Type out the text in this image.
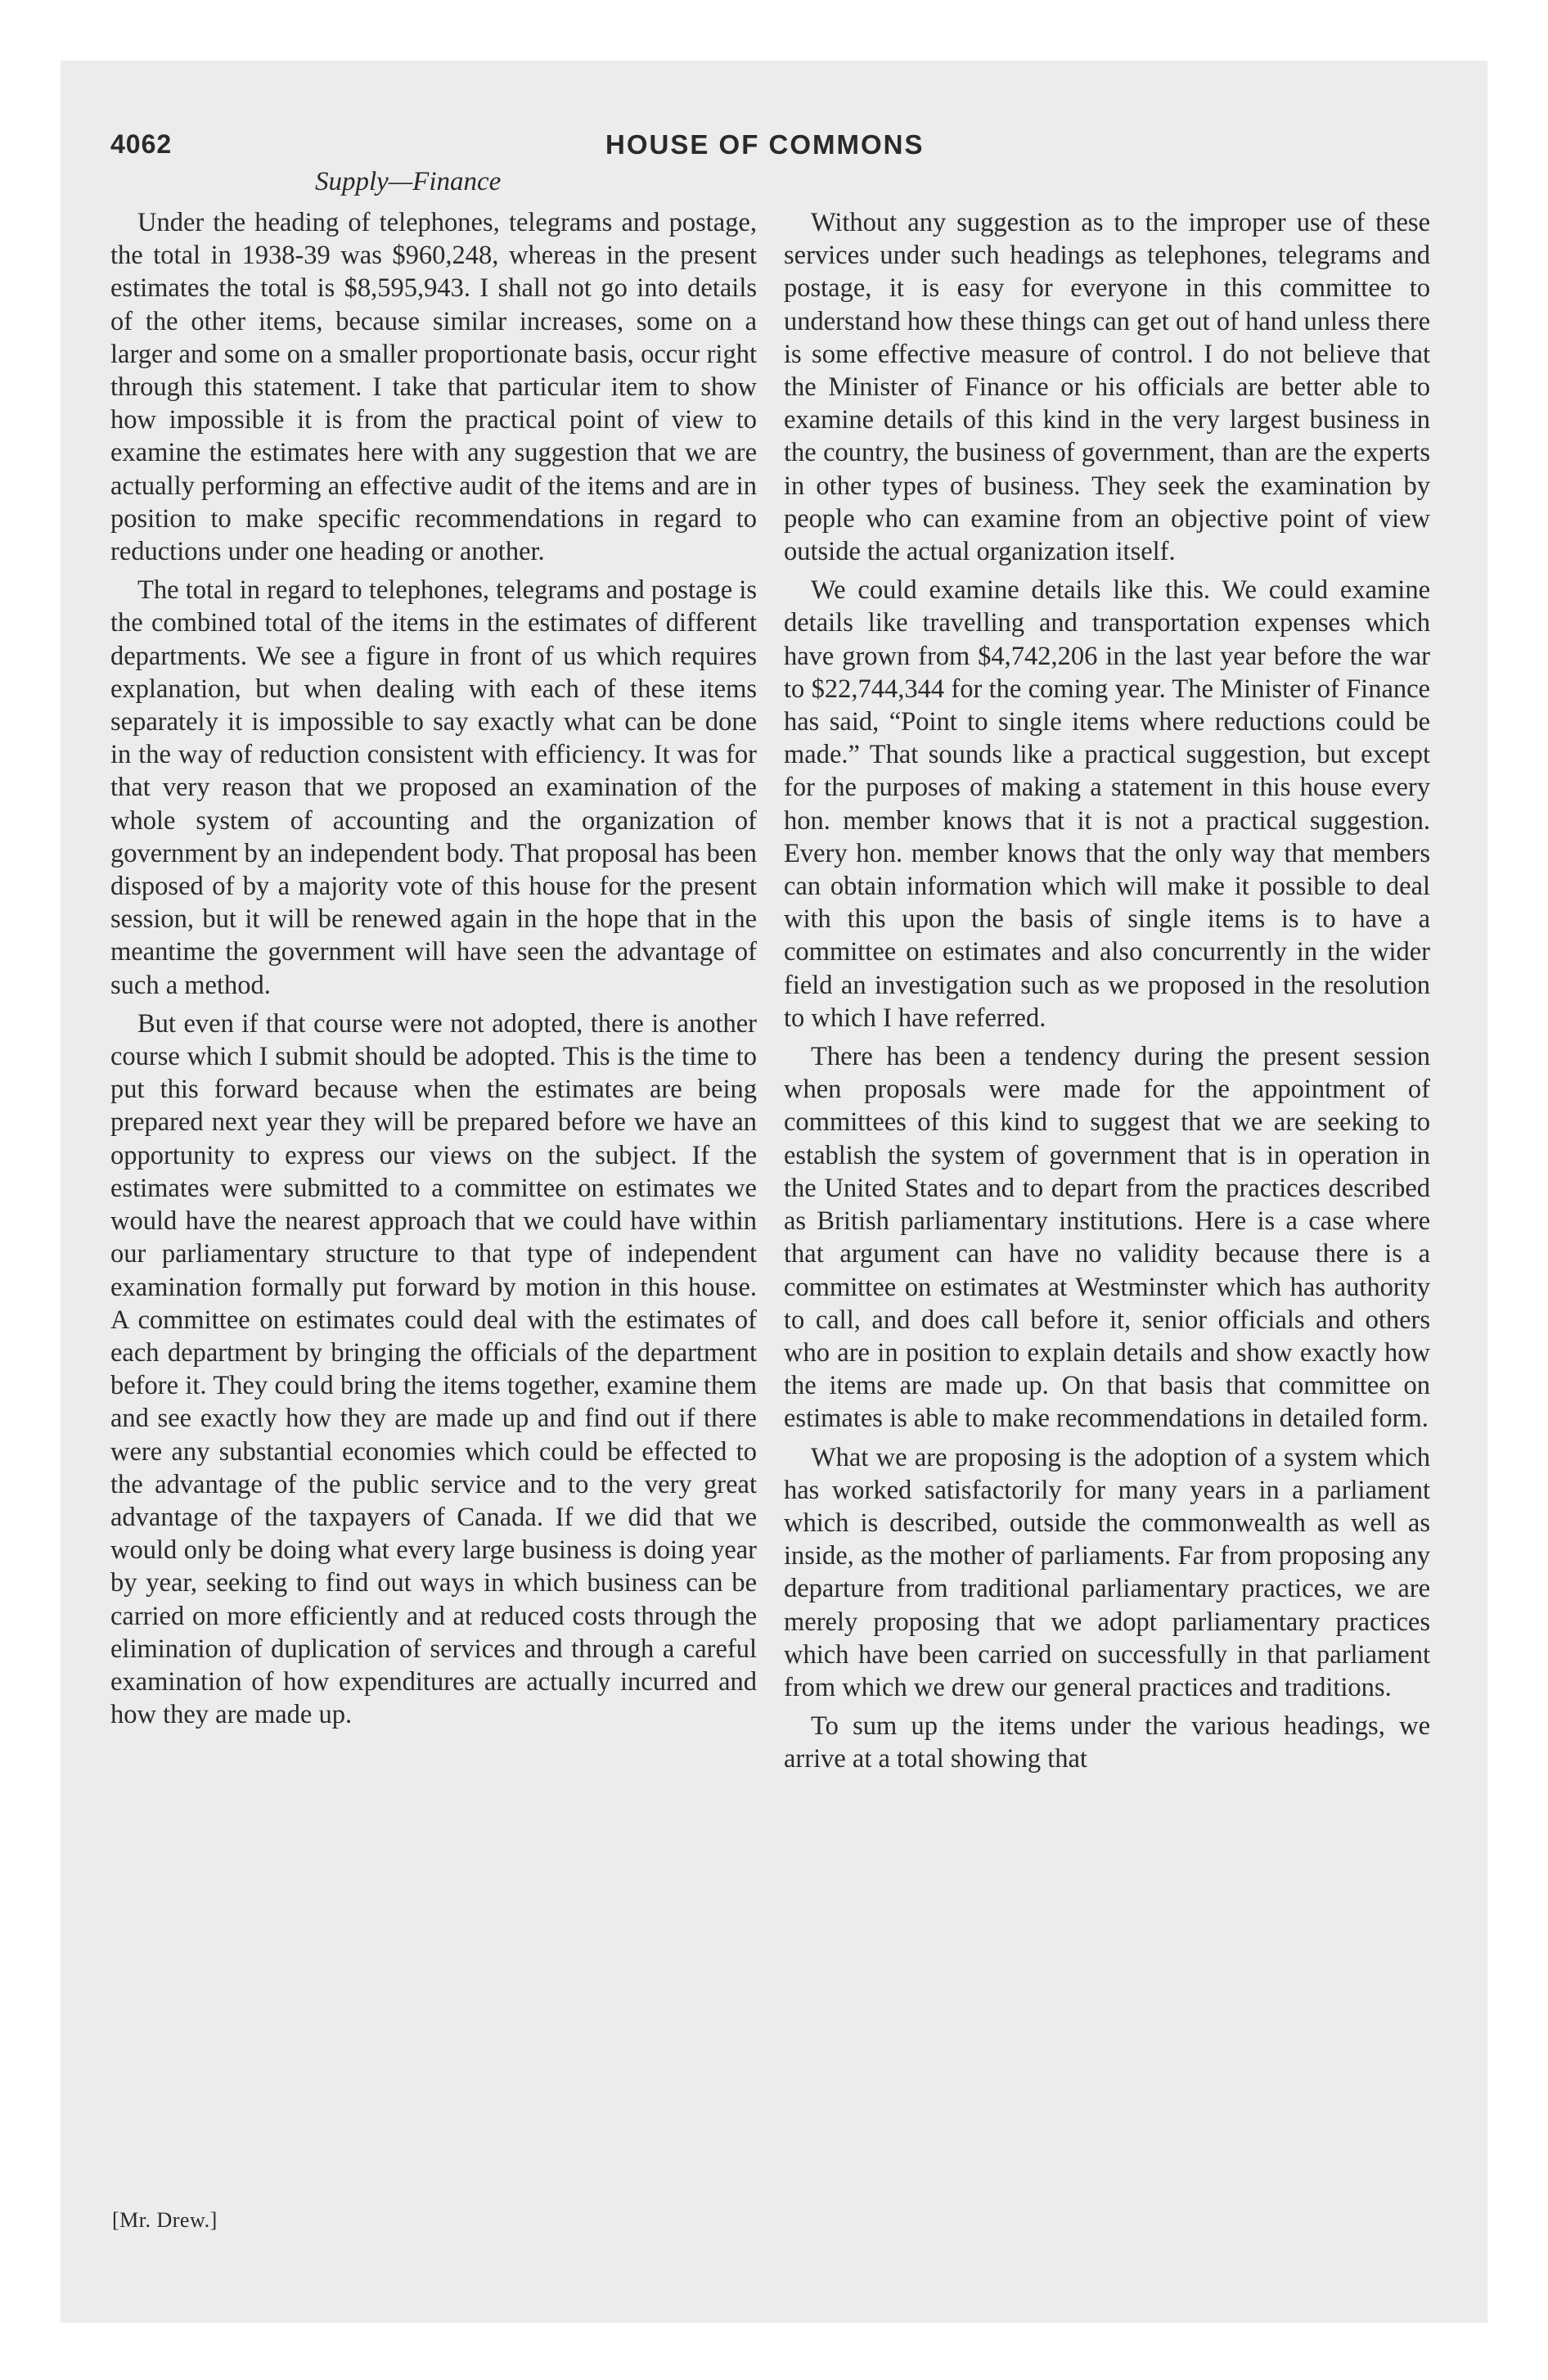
4062	HOUSE OF COMMONS
Supply—Finance

Under the heading of telephones, telegrams and postage, the total in 1938-39 was $960,248, whereas in the present estimates the total is $8,595,943. I shall not go into details of the other items, because similar increases, some on a larger and some on a smaller proportionate basis, occur right through this statement. I take that particular item to show how impossible it is from the practical point of view to examine the estimates here with any suggestion that we are actually performing an effective audit of the items and are in position to make specific recommendations in regard to reductions under one heading or another.

The total in regard to telephones, telegrams and postage is the combined total of the items in the estimates of different departments. We see a figure in front of us which requires explanation, but when dealing with each of these items separately it is impossible to say exactly what can be done in the way of reduction consistent with efficiency. It was for that very reason that we proposed an examination of the whole system of accounting and the organization of government by an independent body. That proposal has been disposed of by a majority vote of this house for the present session, but it will be renewed again in the hope that in the meantime the government will have seen the advantage of such a method.

But even if that course were not adopted, there is another course which I submit should be adopted. This is the time to put this forward because when the estimates are being prepared next year they will be prepared before we have an opportunity to express our views on the subject. If the estimates were submitted to a committee on estimates we would have the nearest approach that we could have within our parliamentary structure to that type of independent examination formally put forward by motion in this house. A committee on estimates could deal with the estimates of each department by bringing the officials of the department before it. They could bring the items together, examine them and see exactly how they are made up and find out if there were any substantial economies which could be effected to the advantage of the public service and to the very great advantage of the taxpayers of Canada. If we did that we would only be doing what every large business is doing year by year, seeking to find out ways in which business can be carried on more efficiently and at reduced costs through the elimination of duplication of services and through a careful examination of how expenditures are actually incurred and how they are made up.

Without any suggestion as to the improper use of these services under such headings as telephones, telegrams and postage, it is easy for everyone in this committee to understand how these things can get out of hand unless there is some effective measure of control. I do not believe that the Minister of Finance or his officials are better able to examine details of this kind in the very largest business in the country, the business of government, than are the experts in other types of business. They seek the examination by people who can examine from an objective point of view outside the actual organization itself.

We could examine details like this. We could examine details like travelling and transportation expenses which have grown from $4,742,206 in the last year before the war to $22,744,344 for the coming year. The Minister of Finance has said, “Point to single items where reductions could be made.” That sounds like a practical suggestion, but except for the purposes of making a statement in this house every hon. member knows that it is not a practical suggestion. Every hon. member knows that the only way that members can obtain information which will make it possible to deal with this upon the basis of single items is to have a committee on estimates and also concurrently in the wider field an investigation such as we proposed in the resolution to which I have referred.

There has been a tendency during the present session when proposals were made for the appointment of committees of this kind to suggest that we are seeking to establish the system of government that is in operation in the United States and to depart from the practices described as British parliamentary institutions. Here is a case where that argument can have no validity because there is a committee on estimates at Westminster which has authority to call, and does call before it, senior officials and others who are in position to explain details and show exactly how the items are made up. On that basis that committee on estimates is able to make recommendations in detailed form.

What we are proposing is the adoption of a system which has worked satisfactorily for many years in a parliament which is described, outside the commonwealth as well as inside, as the mother of parliaments. Far from proposing any departure from traditional parliamentary practices, we are merely proposing that we adopt parliamentary practices which have been carried on successfully in that parliament from which we drew our general practices and traditions.

To sum up the items under the various headings, we arrive at a total showing that

[Mr. Drew.]
